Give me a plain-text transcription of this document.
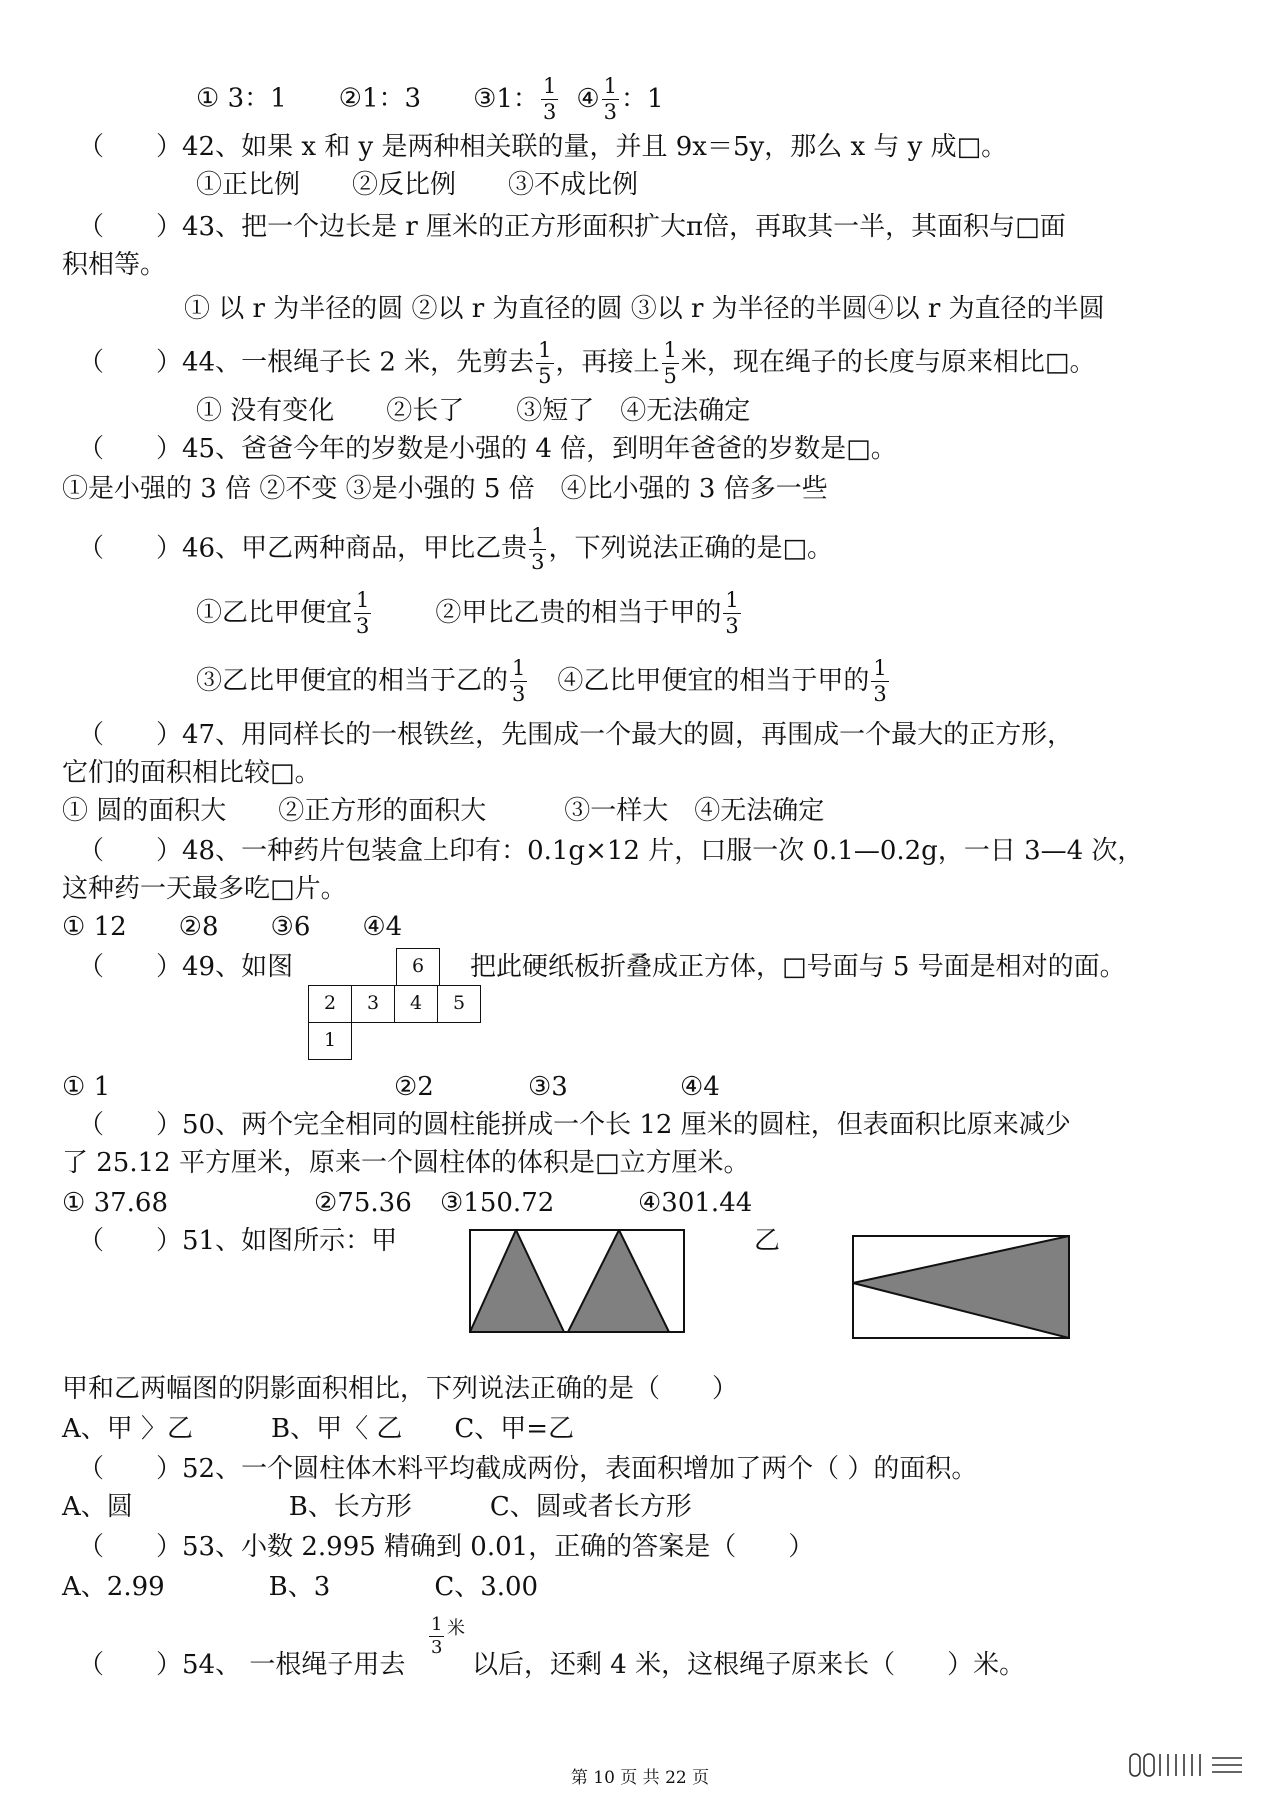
① 3：1 ②1：3 ③1： $\frac{1}{3}$ ④ $\frac{1}{3}$ ：1
（　　）42、如果 x 和 y 是两种相关联的量，并且 9x＝5y，那么 x 与 y 成□。
①正比例　　②反比例　　③不成比例
（　　）43、把一个边长是 r 厘米的正方形面积扩大π倍，再取其一半，其面积与□面
积相等。
① 以 r 为半径的圆 ②以 r 为直径的圆 ③以 r 为半径的半圆④以 r 为直径的半圆
（　　）44、一根绳子长 2 米，先剪去 $\frac{1}{5}$ ，再接上 $\frac{1}{5}$ 米，现在绳子的长度与原来相比□。
① 没有变化　　②长了　　③短了　④无法确定
（　　）45、爸爸今年的岁数是小强的 4 倍，到明年爸爸的岁数是□。
①是小强的 3 倍 ②不变 ③是小强的 5 倍　④比小强的 3 倍多一些
（　　）46、甲乙两种商品，甲比乙贵 $\frac{1}{3}$ ，下列说法正确的是□。
①乙比甲便宜 $\frac{1}{3}$ ②甲比乙贵的相当于甲的 $\frac{1}{3}$
③乙比甲便宜的相当于乙的 $\frac{1}{3}$ ④乙比甲便宜的相当于甲的 $\frac{1}{3}$
（　　）47、用同样长的一根铁丝，先围成一个最大的圆，再围成一个最大的正方形，
它们的面积相比较□。
① 圆的面积大　　②正方形的面积大　　　③一样大　④无法确定
（　　）48、一种药片包装盒上印有：0.1g×12 片，口服一次 0.1—0.2g，一日 3—4 次，
这种药一天最多吃□片。
① 12　　②8　　③6　　④4
（　　）49、如图	把此硬纸板折叠成正方体，□号面与 5 号面是相对的面。
6
2	3	4	5
1
① 1	②2	③3	④4
（　　）50、两个完全相同的圆柱能拼成一个长 12 厘米的圆柱，但表面积比原来减少
了 25.12 平方厘米，原来一个圆柱体的体积是□立方厘米。
① 37.68	②75.36 ③150.72	④301.44
（　　）51、如图所示：甲	乙
甲和乙两幅图的阴影面积相比，下列说法正确的是（　　）
A、甲 〉乙　　　B、甲〈 乙　　C、甲=乙
（　　）52、一个圆柱体木料平均截成两份，表面积增加了两个（ ）的面积。
A、圆　　　　　　B、长方形　　　C、圆或者长方形
（　　）53、小数 2.995 精确到 0.01，正确的答案是（　　）
A、2.99　　　　B、3　　　　C、3.00
（　　）54、 一根绳子用去
$\frac{1}{3}$ 米
以后，还剩 4 米，这根绳子原来长（　　）米。
第 10 页 共 22 页
